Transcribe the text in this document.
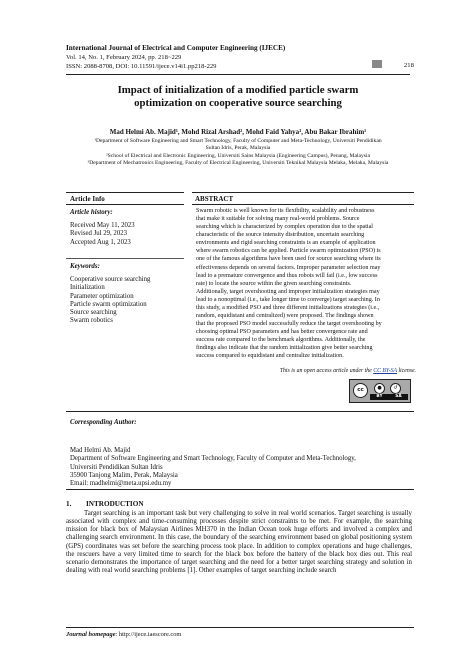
International Journal of Electrical and Computer Engineering (IJECE)
Vol. 14, No. 1, February 2024, pp. 218~229
ISSN: 2088-8708, DOI: 10.11591/ijece.v14i1.pp218-229	218
Impact of initialization of a modified particle swarm
optimization on cooperative source searching
Mad Helmi Ab. Majid¹, Mohd Rizal Arshad², Mohd Faid Yahya³, Abu Bakar Ibrahim¹
¹Department of Software Engineering and Smart Technology, Faculty of Computer and Meta-Technology, Universiti Pendidikan
Sultan Idris, Perak, Malaysia
²School of Electrical and Electronic Engineering, Universiti Sains Malaysia (Engineering Campus), Penang, Malaysia
³Department of Mechatronics Engineering, Faculty of Electrical Engineering, Universiti Teknikal Malaysia Melaka, Melaka, Malaysia
Article Info
Article history:
Received May 11, 2023
Revised Jul 29, 2023
Accepted Aug 1, 2023
Keywords:
Cooperative source searching
Initialization
Parameter optimization
Particle swarm optimization
Source searching
Swarm robotics
ABSTRACT
Swarm robotic is well known for its flexibility, scalability and robustness
that make it suitable for solving many real-world problems. Source
searching which is characterized by complex operation due to the spatial
characteristic of the source intensity distribution, uncertain searching
environments and rigid searching constraints is an example of application
where swarm robotics can be applied. Particle swarm optimization (PSO) is
one of the famous algorithms have been used for source searching where its
effectiveness depends on several factors. Improper parameter selection may
lead to a premature convergence and thus robots will fail (i.e., low success
rate) to locate the source within the given searching constraints.
Additionally, target overshooting and improper initialization strategies may
lead to a nonoptimal (i.e., take longer time to converge) target searching. In
this study, a modified PSO and three different initializations strategies (i.e.,
random, equidistant and centralized) were proposed. The findings shown
that the proposed PSO model successfully reduce the target overshooting by
choosing optimal PSO parameters and has better convergence rate and
success rate compared to the benchmark algorithms. Additionally, the
findings also indicate that the random initialization give better searching
success compared to equidistant and centralize initialization.
This is an open access article under the CC BY-SA license.
cc	●	↺
BY	SA
Corresponding Author:
Mad Helmi Ab. Majid
Department of Software Engineering and Smart Technology, Faculty of Computer and Meta-Technology,
Universiti Pendidikan Sultan Idris
35900 Tanjong Malim, Perak, Malaysia
Email: madhelmi@meta.upsi.edu.my
1. INTRODUCTION
Target searching is an important task but very challenging to solve in real world scenarios. Target searching is usually associated with complex and time-consuming processes despite strict constraints to be met. For example, the searching mission for black box of Malaysian Airlines MH370 in the Indian Ocean took huge efforts and involved a complex and challenging search environment. In this case, the boundary of the searching environment based on global positioning system (GPS) coordinates was set before the searching process took place. In addition to complex operations and huge challenges, the rescuers have a very limited time to search for the black box before the battery of the black box dies out. This real scenario demonstrates the importance of target searching and the need for a better target searching strategy and solution in dealing with real world searching problems [1]. Other examples of target searching include search
Journal homepage: http://ijece.iaescore.com
